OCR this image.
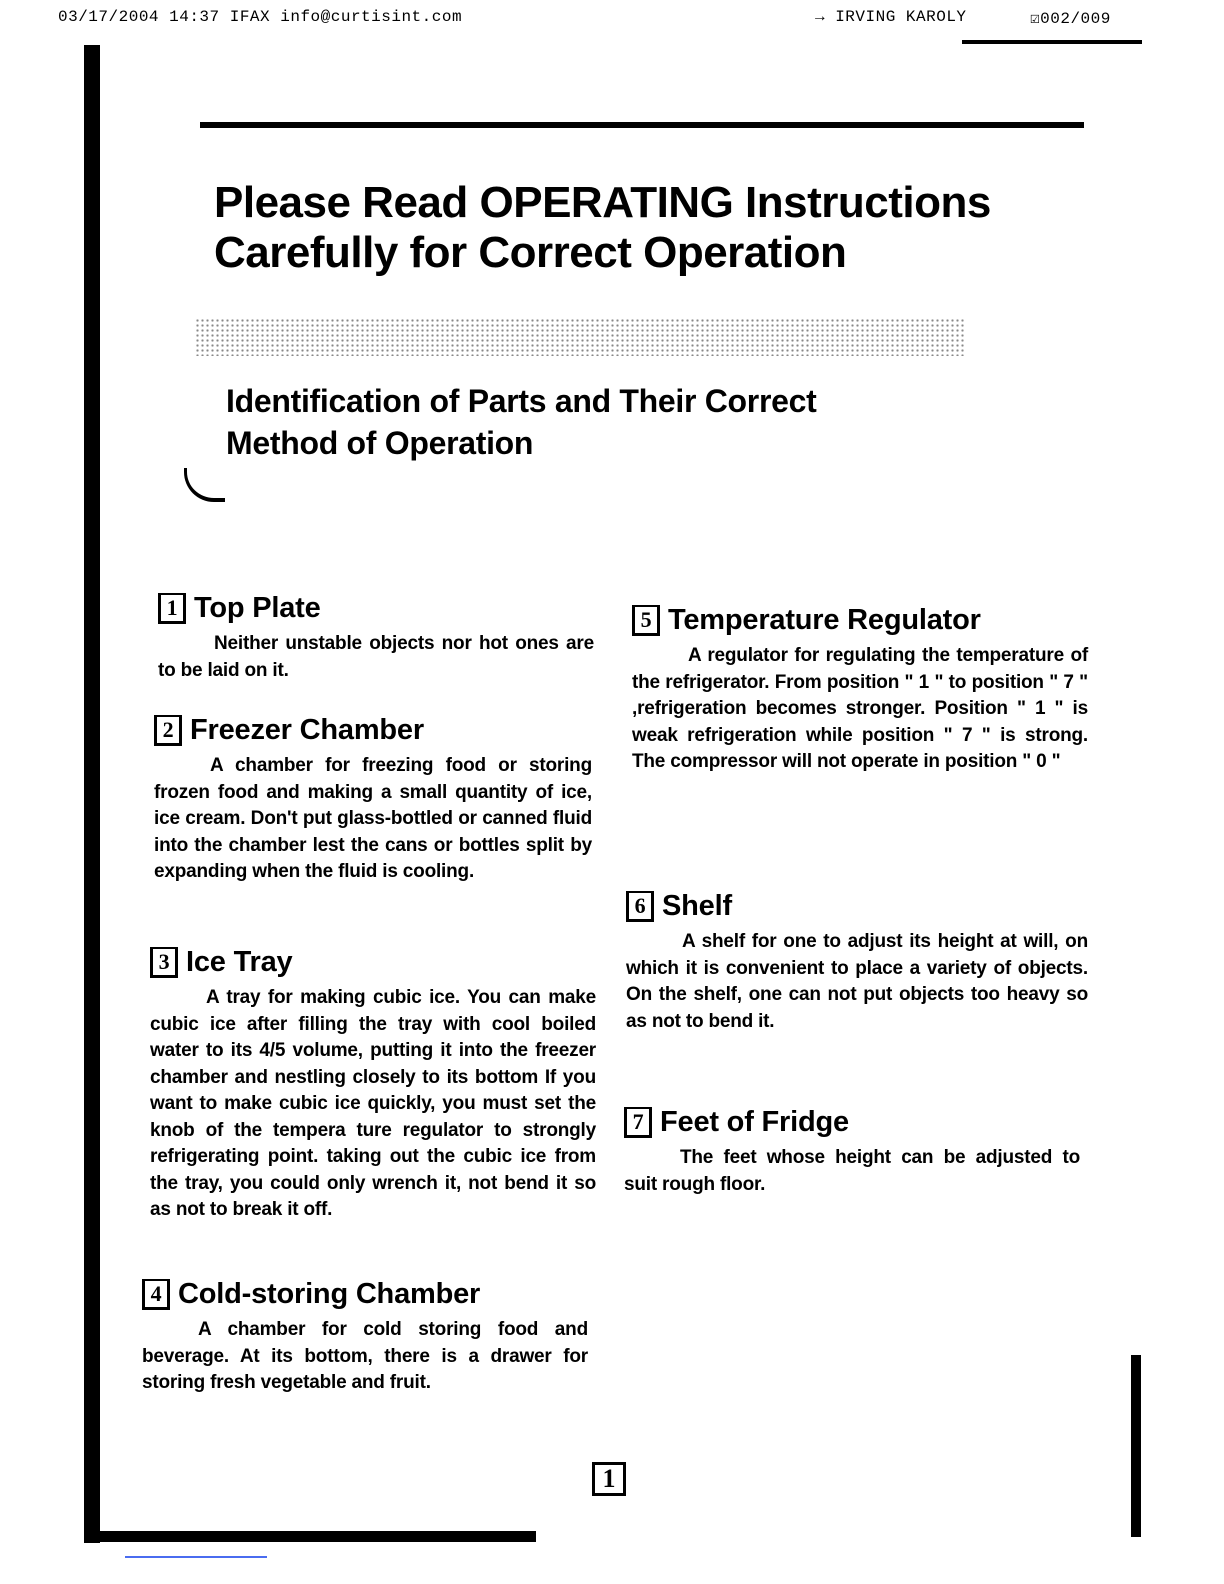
03/17/2004 14:37 IFAX info@curtisint.com	→ IRVING KAROLY	☑002/009
Please Read OPERATING Instructions
Carefully for Correct Operation
Identification of Parts and Their Correct
Method of Operation
1 Top Plate
Neither unstable objects nor hot ones are to be laid on it.
2 Freezer Chamber
A chamber for freezing food or storing frozen food and making a small quantity of ice, ice cream. Don't put glass-bottled or canned fluid into the chamber lest the cans or bottles split by expanding when the fluid is cooling.
3 Ice Tray
A tray for making cubic ice. You can make cubic ice after filling the tray with cool boiled water to its 4/5 volume, putting it into the freezer chamber and nestling closely to its bottom If you want to make cubic ice quickly, you must set the knob of the tempera ture regulator to strongly refrigerating point. taking out the cubic ice from the tray, you could only wrench it, not bend it so as not to break it off.
4 Cold-storing Chamber
A chamber for cold storing food and beverage. At its bottom, there is a drawer for storing fresh vegetable and fruit.
5 Temperature Regulator
A regulator for regulating the temperature of the refrigerator. From position " 1 " to position " 7 " ,refrigeration becomes stronger. Position " 1 " is weak refrigeration while position " 7 " is strong. The compressor will not operate in position " 0 "
6 Shelf
A shelf for one to adjust its height at will, on which it is convenient to place a variety of objects. On the shelf, one can not put objects too heavy so as not to bend it.
7 Feet of Fridge
The feet whose height can be adjusted to suit rough floor.
1
